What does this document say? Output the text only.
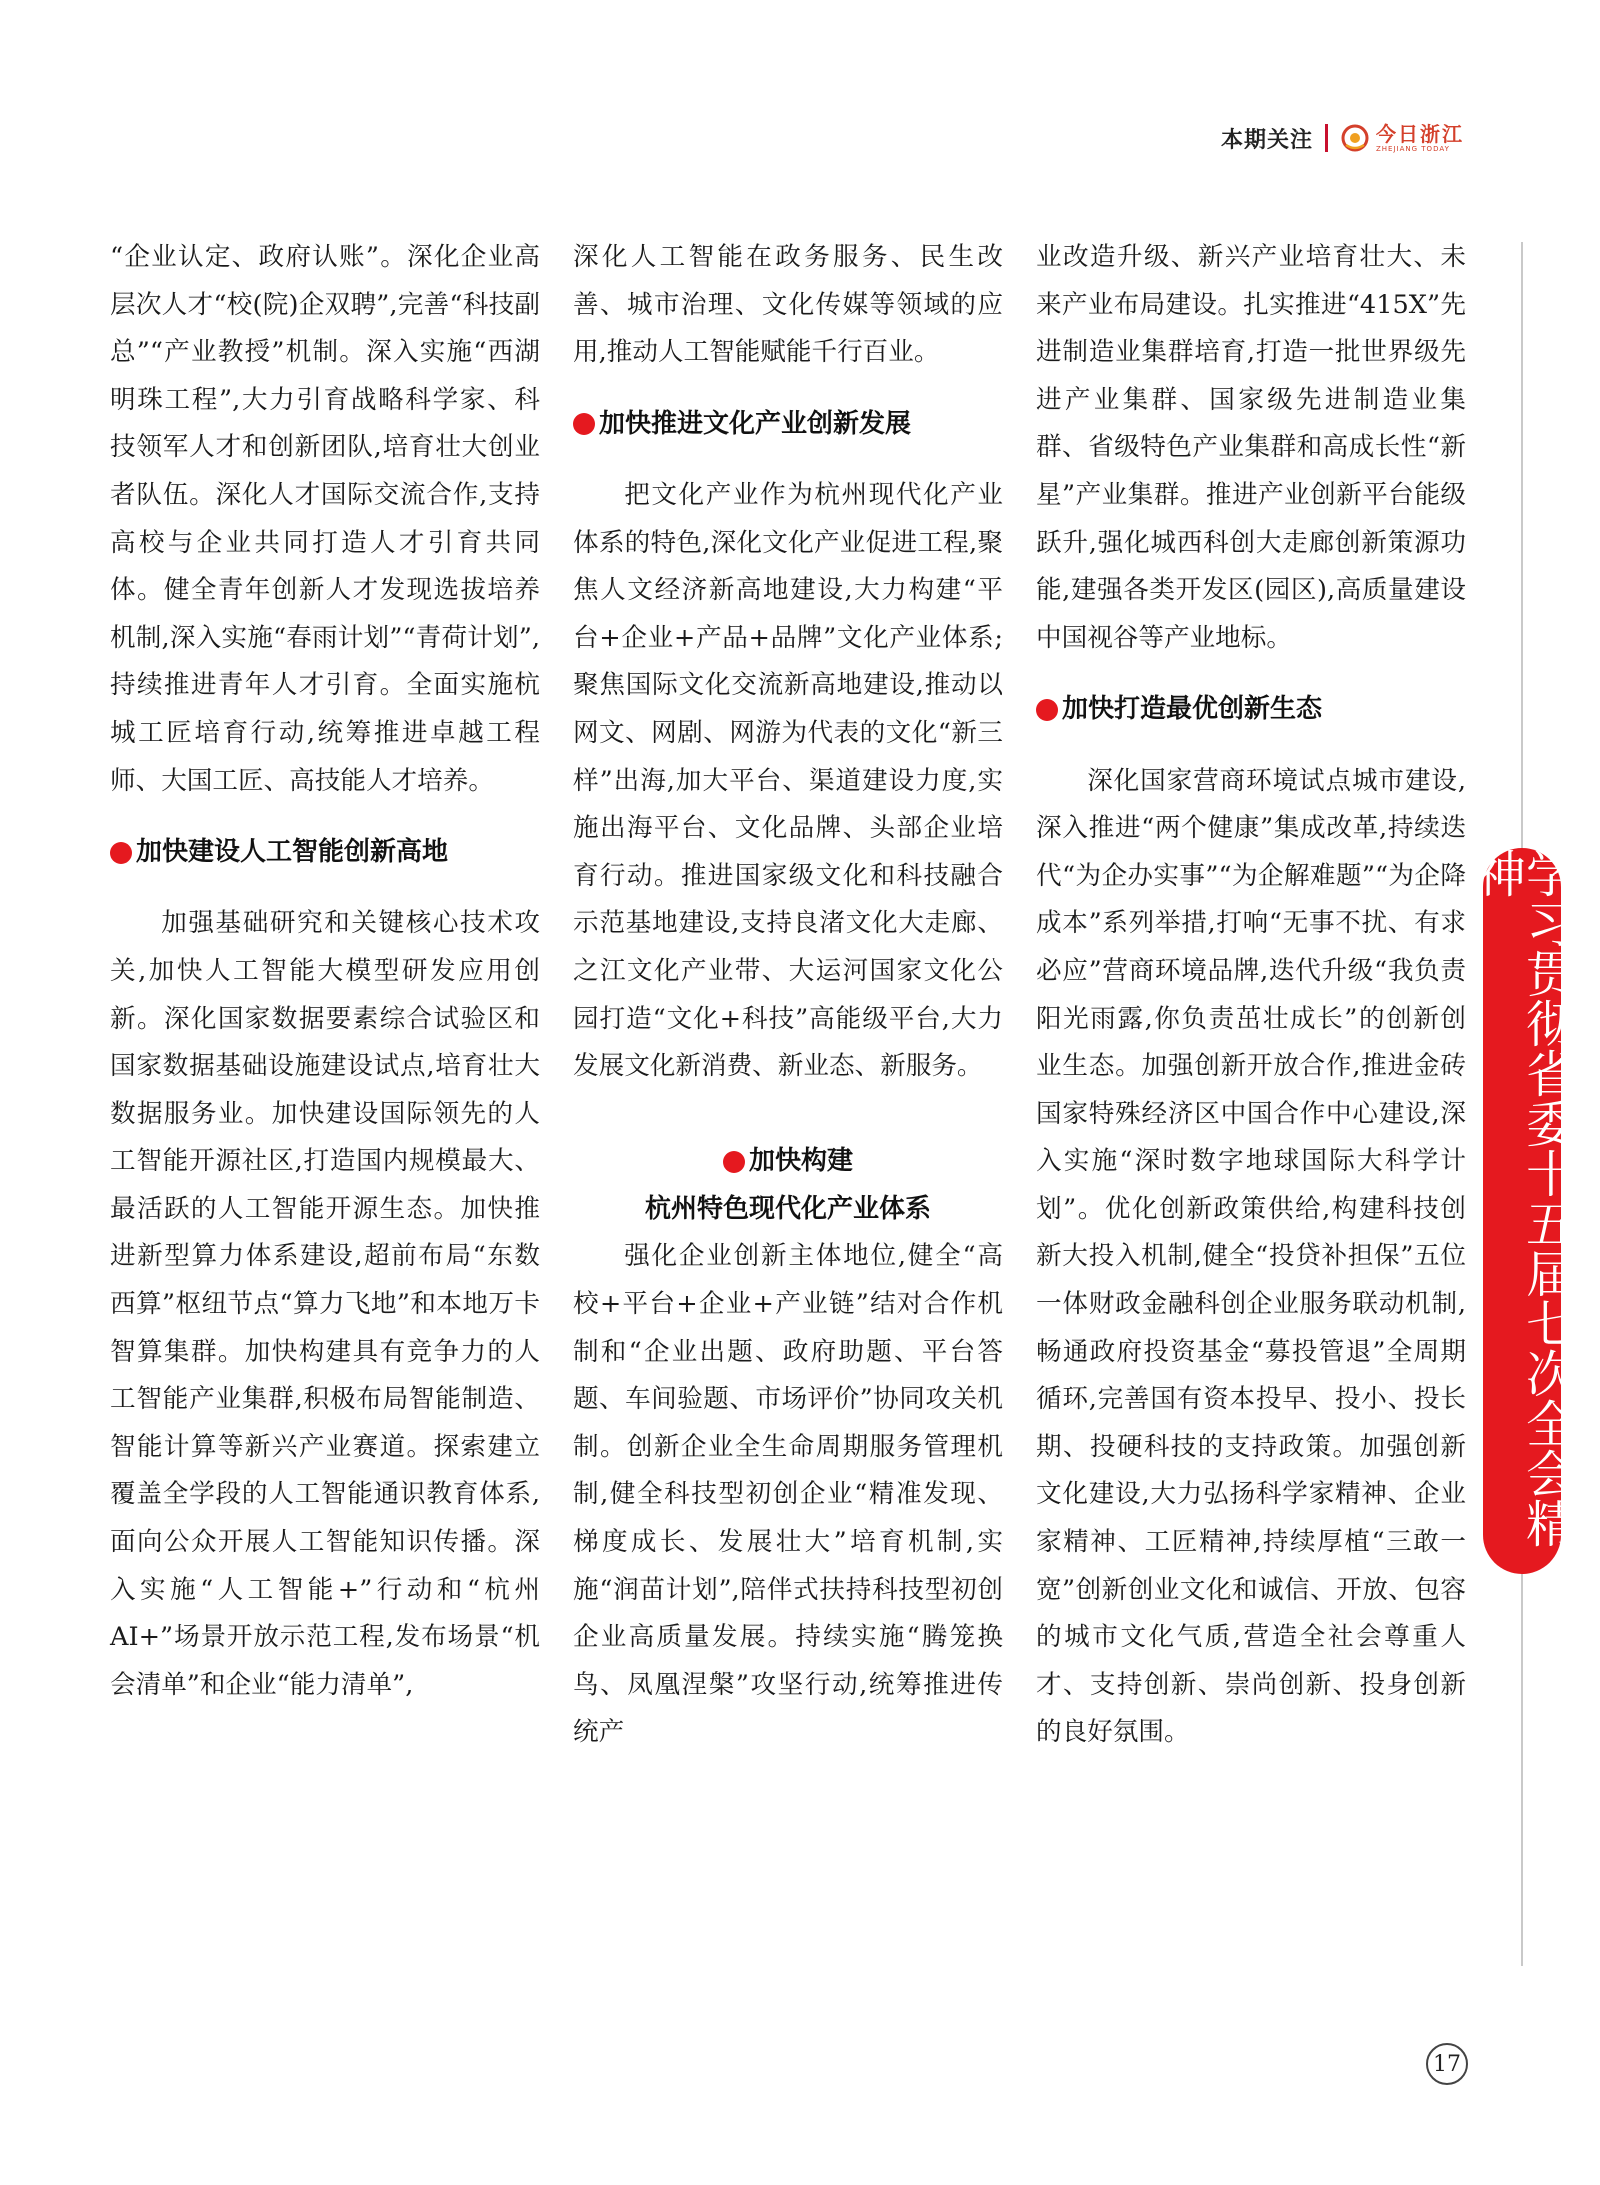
本期关注	今日浙江
ZHEJIANG TODAY

“企业认定、政府认账”。深化企业高层次人才“校(院)企双聘”,完善“科技副总”“产业教授”机制。深入实施“西湖明珠工程”,大力引育战略科学家、科技领军人才和创新团队,培育壮大创业者队伍。深化人才国际交流合作,支持高校与企业共同打造人才引育共同体。健全青年创新人才发现选拔培养机制,深入实施“春雨计划”“青荷计划”,持续推进青年人才引育。全面实施杭城工匠培育行动,统筹推进卓越工程师、大国工匠、高技能人才培养。

加快建设人工智能创新高地

加强基础研究和关键核心技术攻关,加快人工智能大模型研发应用创新。深化国家数据要素综合试验区和国家数据基础设施建设试点,培育壮大数据服务业。加快建设国际领先的人工智能开源社区,打造国内规模最大、最活跃的人工智能开源生态。加快推进新型算力体系建设,超前布局“东数西算”枢纽节点“算力飞地”和本地万卡智算集群。加快构建具有竞争力的人工智能产业集群,积极布局智能制造、智能计算等新兴产业赛道。探索建立覆盖全学段的人工智能通识教育体系,面向公众开展人工智能知识传播。深入实施“人工智能+”行动和“杭州AI+”场景开放示范工程,发布场景“机会清单”和企业“能力清单”,

深化人工智能在政务服务、民生改善、城市治理、文化传媒等领域的应用,推动人工智能赋能千行百业。

加快推进文化产业创新发展

把文化产业作为杭州现代化产业体系的特色,深化文化产业促进工程,聚焦人文经济新高地建设,大力构建“平台+企业+产品+品牌”文化产业体系;聚焦国际文化交流新高地建设,推动以网文、网剧、网游为代表的文化“新三样”出海,加大平台、渠道建设力度,实施出海平台、文化品牌、头部企业培育行动。推进国家级文化和科技融合示范基地建设,支持良渚文化大走廊、之江文化产业带、大运河国家文化公园打造“文化+科技”高能级平台,大力发展文化新消费、新业态、新服务。

加快构建
杭州特色现代化产业体系

强化企业创新主体地位,健全“高校+平台+企业+产业链”结对合作机制和“企业出题、政府助题、平台答题、车间验题、市场评价”协同攻关机制。创新企业全生命周期服务管理机制,健全科技型初创企业“精准发现、梯度成长、发展壮大”培育机制,实施“润苗计划”,陪伴式扶持科技型初创企业高质量发展。持续实施“腾笼换鸟、凤凰涅槃”攻坚行动,统筹推进传统产

业改造升级、新兴产业培育壮大、未来产业布局建设。扎实推进“415X”先进制造业集群培育,打造一批世界级先进产业集群、国家级先进制造业集群、省级特色产业集群和高成长性“新星”产业集群。推进产业创新平台能级跃升,强化城西科创大走廊创新策源功能,建强各类开发区(园区),高质量建设中国视谷等产业地标。

加快打造最优创新生态

深化国家营商环境试点城市建设,深入推进“两个健康”集成改革,持续迭代“为企办实事”“为企解难题”“为企降成本”系列举措,打响“无事不扰、有求必应”营商环境品牌,迭代升级“我负责阳光雨露,你负责茁壮成长”的创新创业生态。加强创新开放合作,推进金砖国家特殊经济区中国合作中心建设,深入实施“深时数字地球国际大科学计划”。优化创新政策供给,构建科技创新大投入机制,健全“投贷补担保”五位一体财政金融科创企业服务联动机制,畅通政府投资基金“募投管退”全周期循环,完善国有资本投早、投小、投长期、投硬科技的支持政策。加强创新文化建设,大力弘扬科学家精神、企业家精神、工匠精神,持续厚植“三敢一宽”创新创业文化和诚信、开放、包容的城市文化气质,营造全社会尊重人才、支持创新、崇尚创新、投身创新的良好氛围。

学习贯彻省委十五届七次全会精神
17
